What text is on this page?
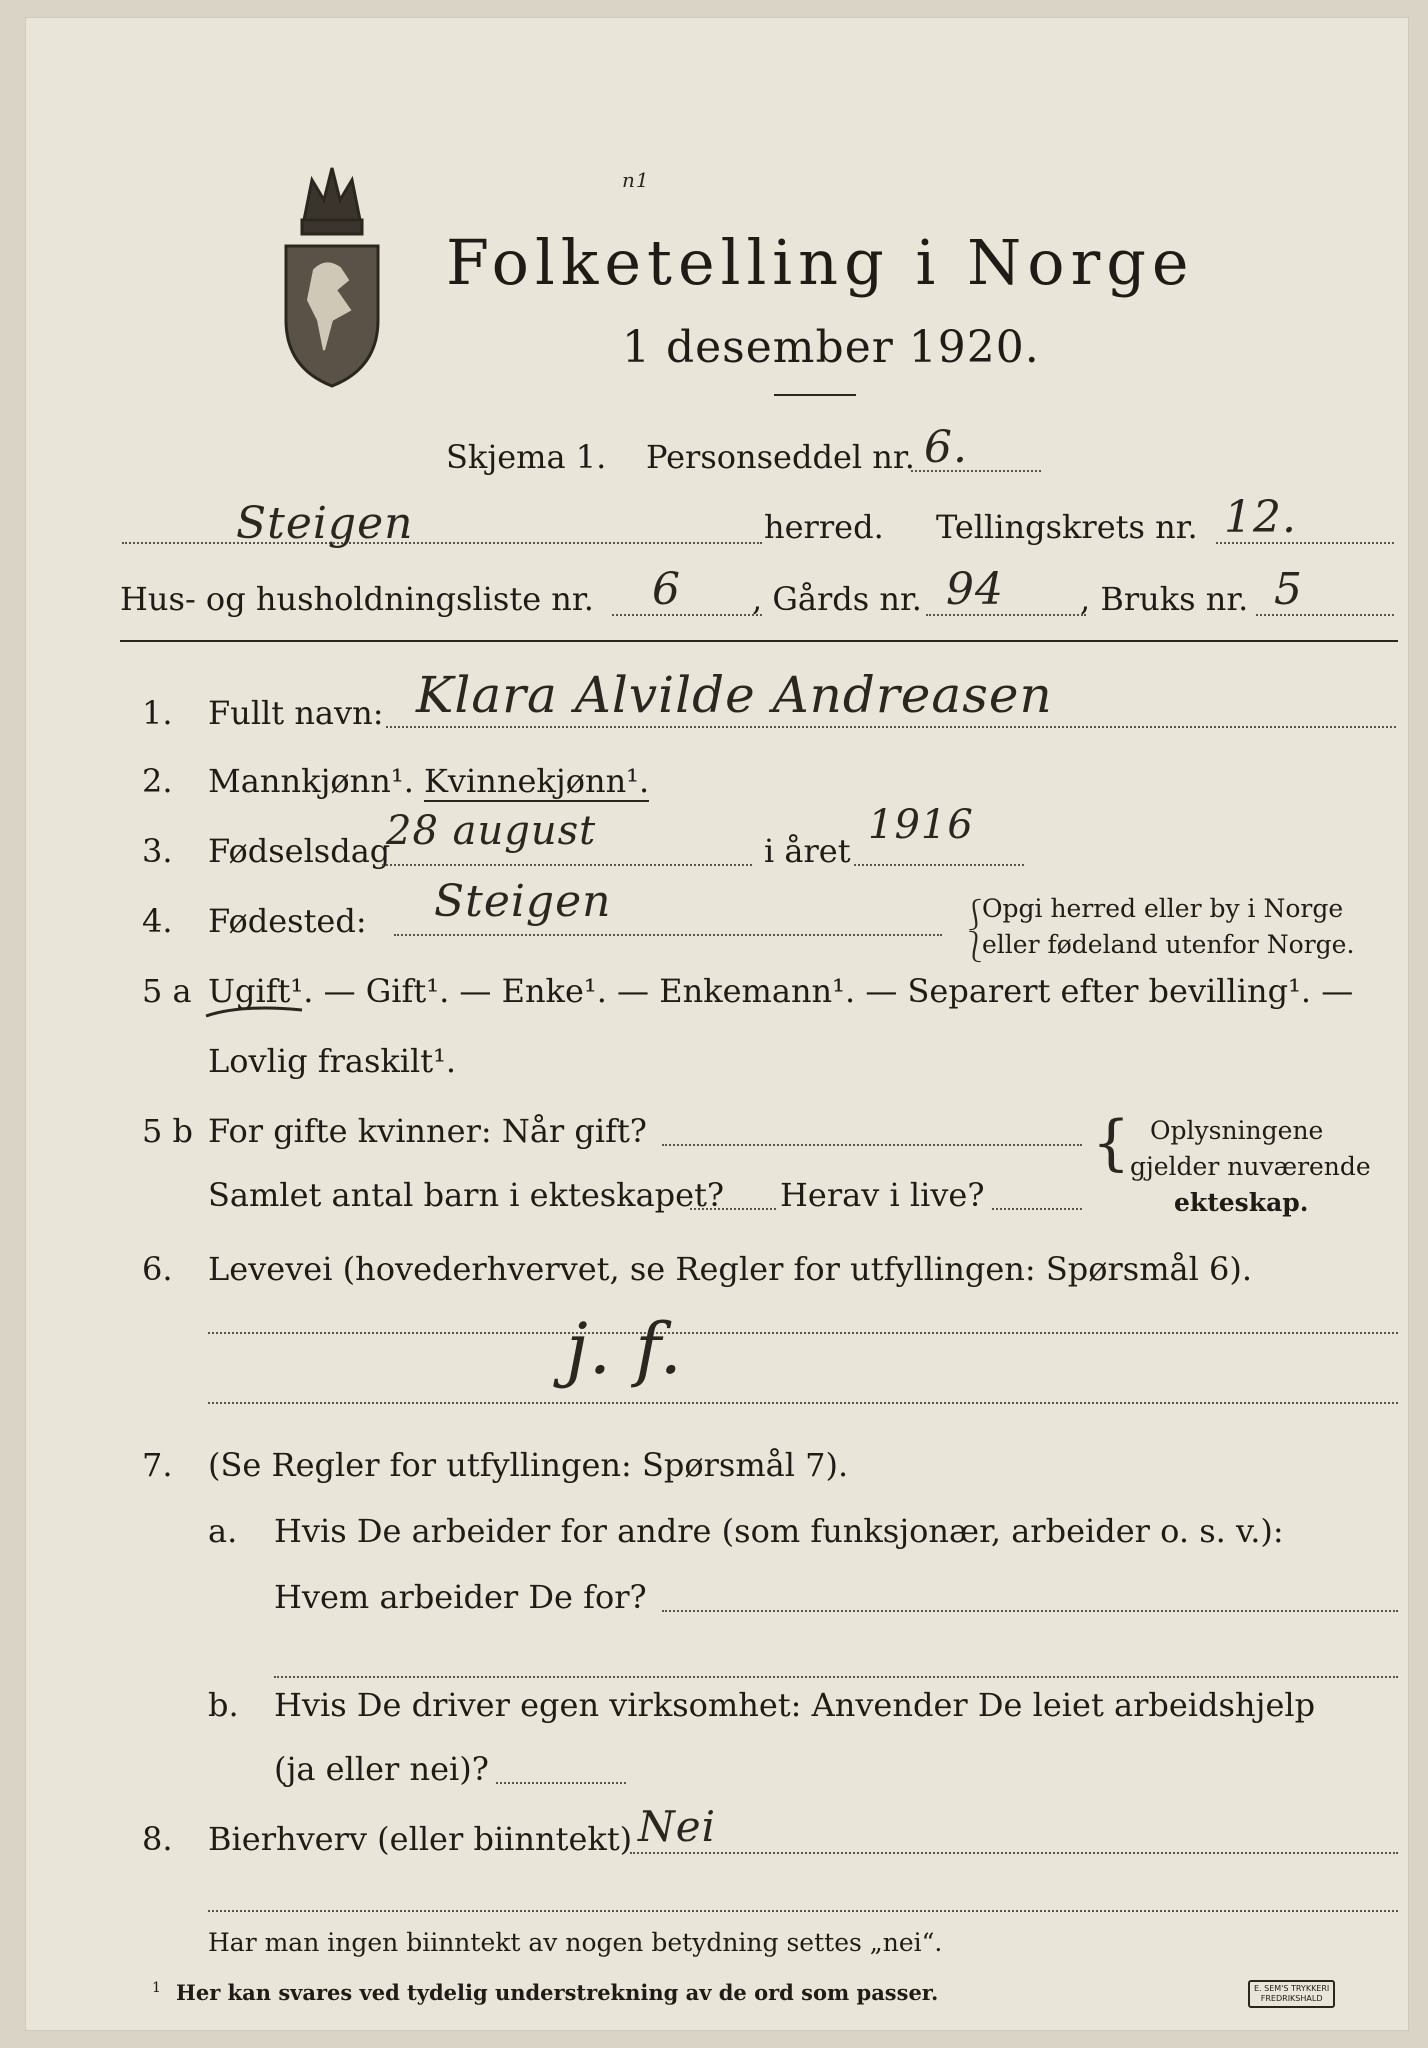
n1
Folketelling i Norge
1 desember 1920.
Skjema 1. Personseddel nr. 6.
Steigen	herred. Tellingskrets nr. 12.
Hus- og husholdningsliste nr. 6 , Gårds nr. 94 , Bruks nr. 5
1. Fullt navn: Klara Alvilde Andreasen
2. Mannkjønn¹. Kvinnekjønn¹.
3. Fødselsdag
28 august	i året
1916
4. Fødested: Steigen	⎰
⎱
Opgi herred eller by i Norge
eller fødeland utenfor Norge.
5 a Ugift¹. — Gift¹. — Enke¹. — Enkemann¹. — Separert efter bevilling¹. —
Lovlig fraskilt¹.
5 b For gifte kvinner: Når gift?
Samlet antal barn i ekteskapet? Herav i live?
{ Oplysningene
gjelder nuværende
ekteskap.
6. Levevei (hovederhvervet, se Regler for utfyllingen: Spørsmål 6).
j. f.
7. (Se Regler for utfyllingen: Spørsmål 7).
a. Hvis De arbeider for andre (som funksjonær, arbeider o. s. v.):
Hvem arbeider De for?
b. Hvis De driver egen virksomhet: Anvender De leiet arbeidshjelp
(ja eller nei)?
8. Bierhverv (eller biinntekt) Nei
Har man ingen biinntekt av nogen betydning settes „nei“.
1 Her kan svares ved tydelig understrekning av de ord som passer.	E. SEM'S TRYKKERI
FREDRIKSHALD
